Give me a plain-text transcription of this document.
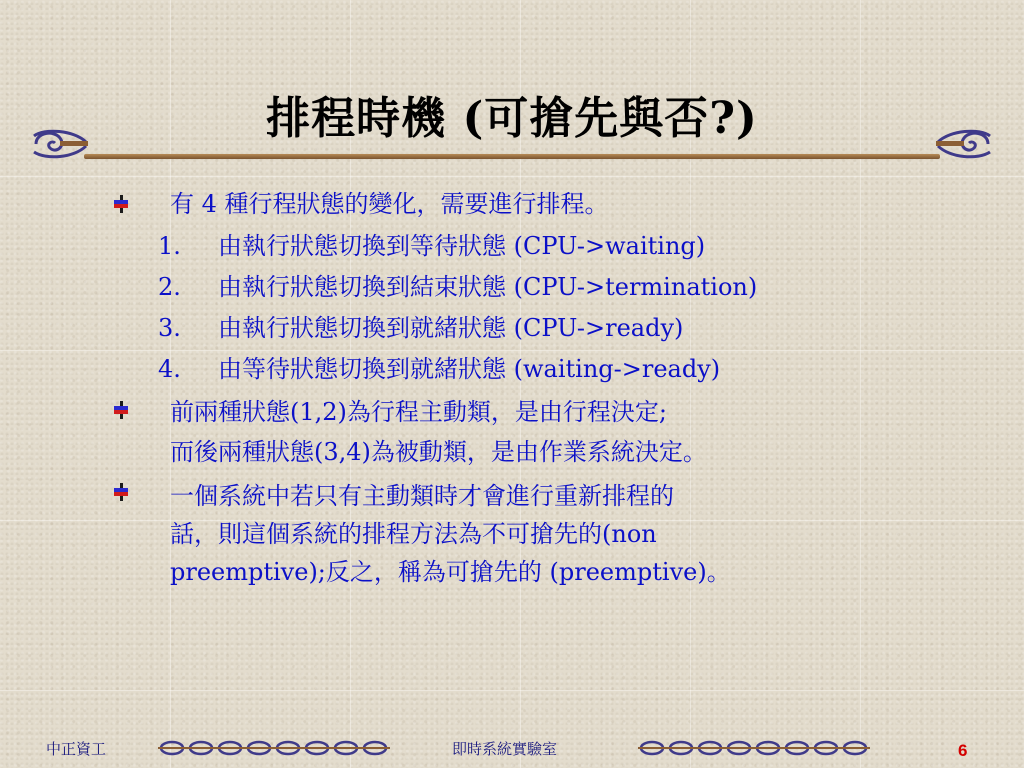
排程時機 (可搶先與否?)
有 4 種行程狀態的變化，需要進行排程。
1. 由執行狀態切換到等待狀態 (CPU->waiting)
2. 由執行狀態切換到結束狀態 (CPU->termination)
3. 由執行狀態切換到就緒狀態 (CPU->ready)
4. 由等待狀態切換到就緒狀態 (waiting->ready)
前兩種狀態(1,2)為行程主動類，是由行程決定;
而後兩種狀態(3,4)為被動類，是由作業系統決定。
一個系統中若只有主動類時才會進行重新排程的
話，則這個系統的排程方法為不可搶先的(non
preemptive);反之，稱為可搶先的 (preemptive)。
中正資工	即時系統實驗室	6
